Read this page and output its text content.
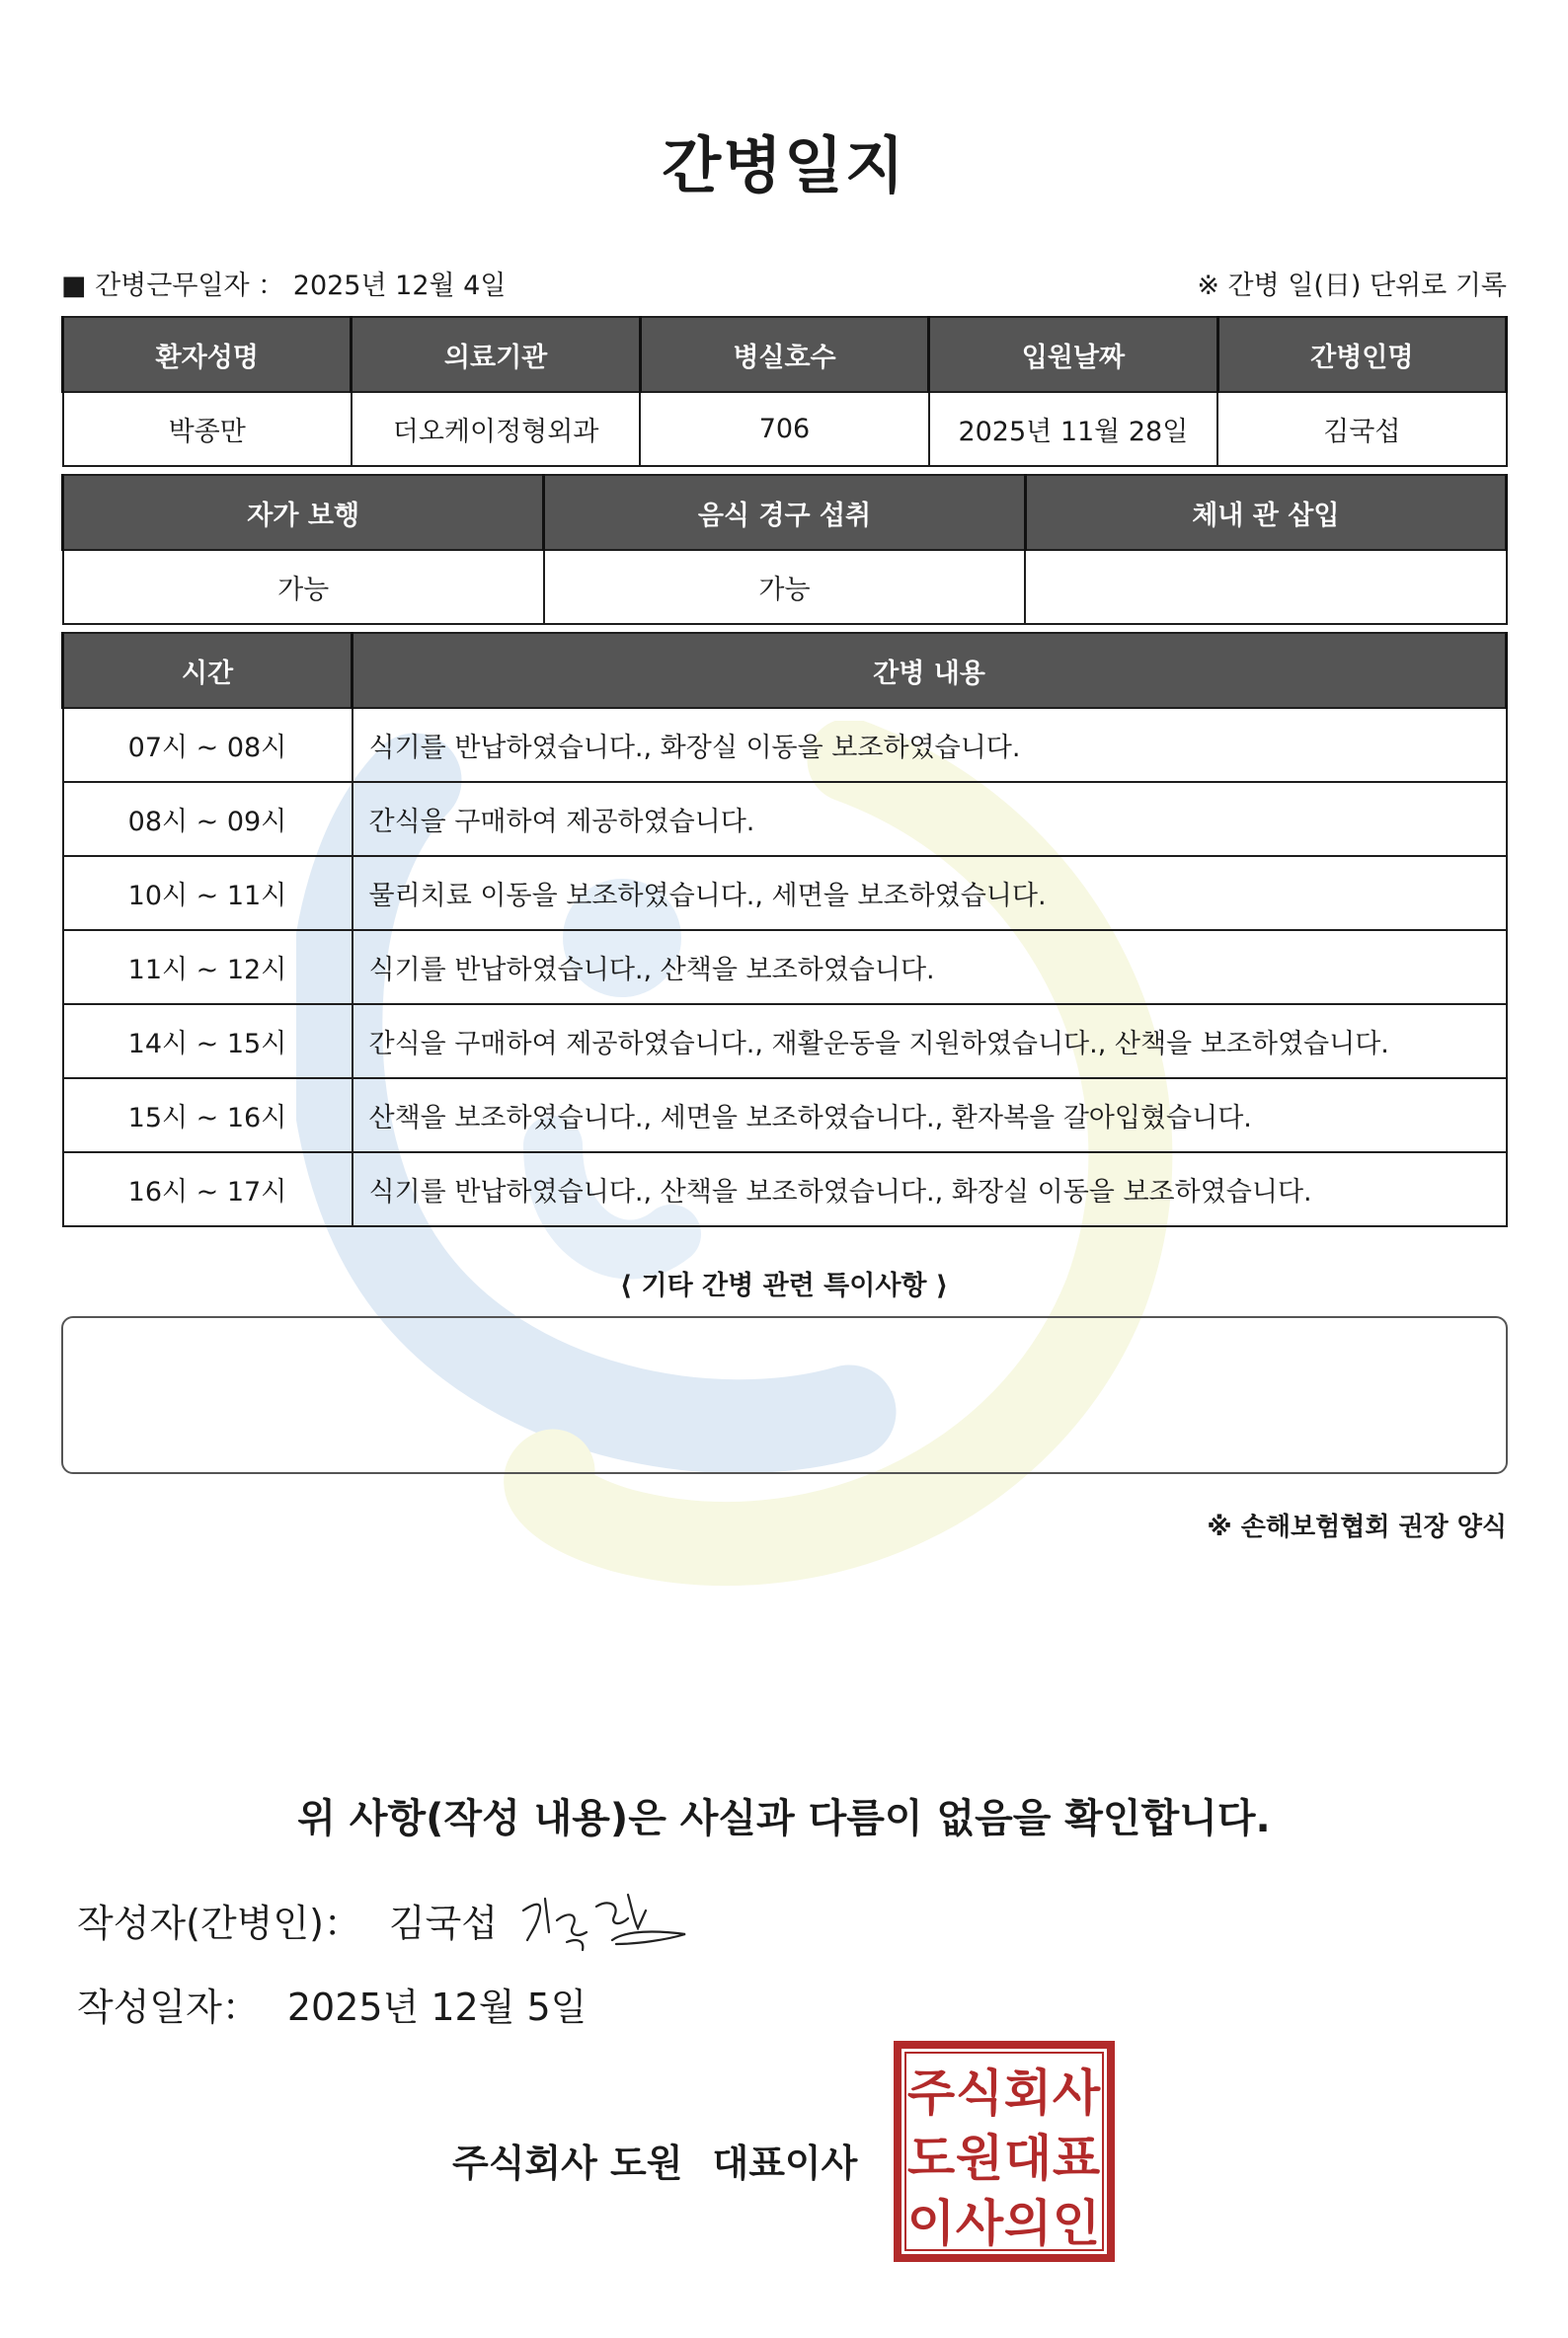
간병일지
■ 간병근무일자 ： 2025년 12월 4일	※ 간병 일(日) 단위로 기록
환자성명	의료기관	병실호수	입원날짜	간병인명
박종만	더오케이정형외과	706	2025년 11월 28일	김국섭
자가 보행	음식 경구 섭취	체내 관 삽입
가능	가능	
시간	간병 내용
07시 ~ 08시	식기를 반납하였습니다., 화장실 이동을 보조하였습니다.
08시 ~ 09시	간식을 구매하여 제공하였습니다.
10시 ~ 11시	물리치료 이동을 보조하였습니다., 세면을 보조하였습니다.
11시 ~ 12시	식기를 반납하였습니다., 산책을 보조하였습니다.
14시 ~ 15시	간식을 구매하여 제공하였습니다., 재활운동을 지원하였습니다., 산책을 보조하였습니다.
15시 ~ 16시	산책을 보조하였습니다., 세면을 보조하였습니다., 환자복을 갈아입혔습니다.
16시 ~ 17시	식기를 반납하였습니다., 산책을 보조하였습니다., 화장실 이동을 보조하였습니다.
⟨ 기타 간병 관련 특이사항 ⟩
※ 손해보험협회 권장 양식
위 사항(작성 내용)은 사실과 다름이 없음을 확인합니다.
작성자(간병인)： 김국섭
작성일자： 2025년 12월 5일
주식회사 도원 대표이사
주 식 회 사
도 원 대 표
이 사 의 인
